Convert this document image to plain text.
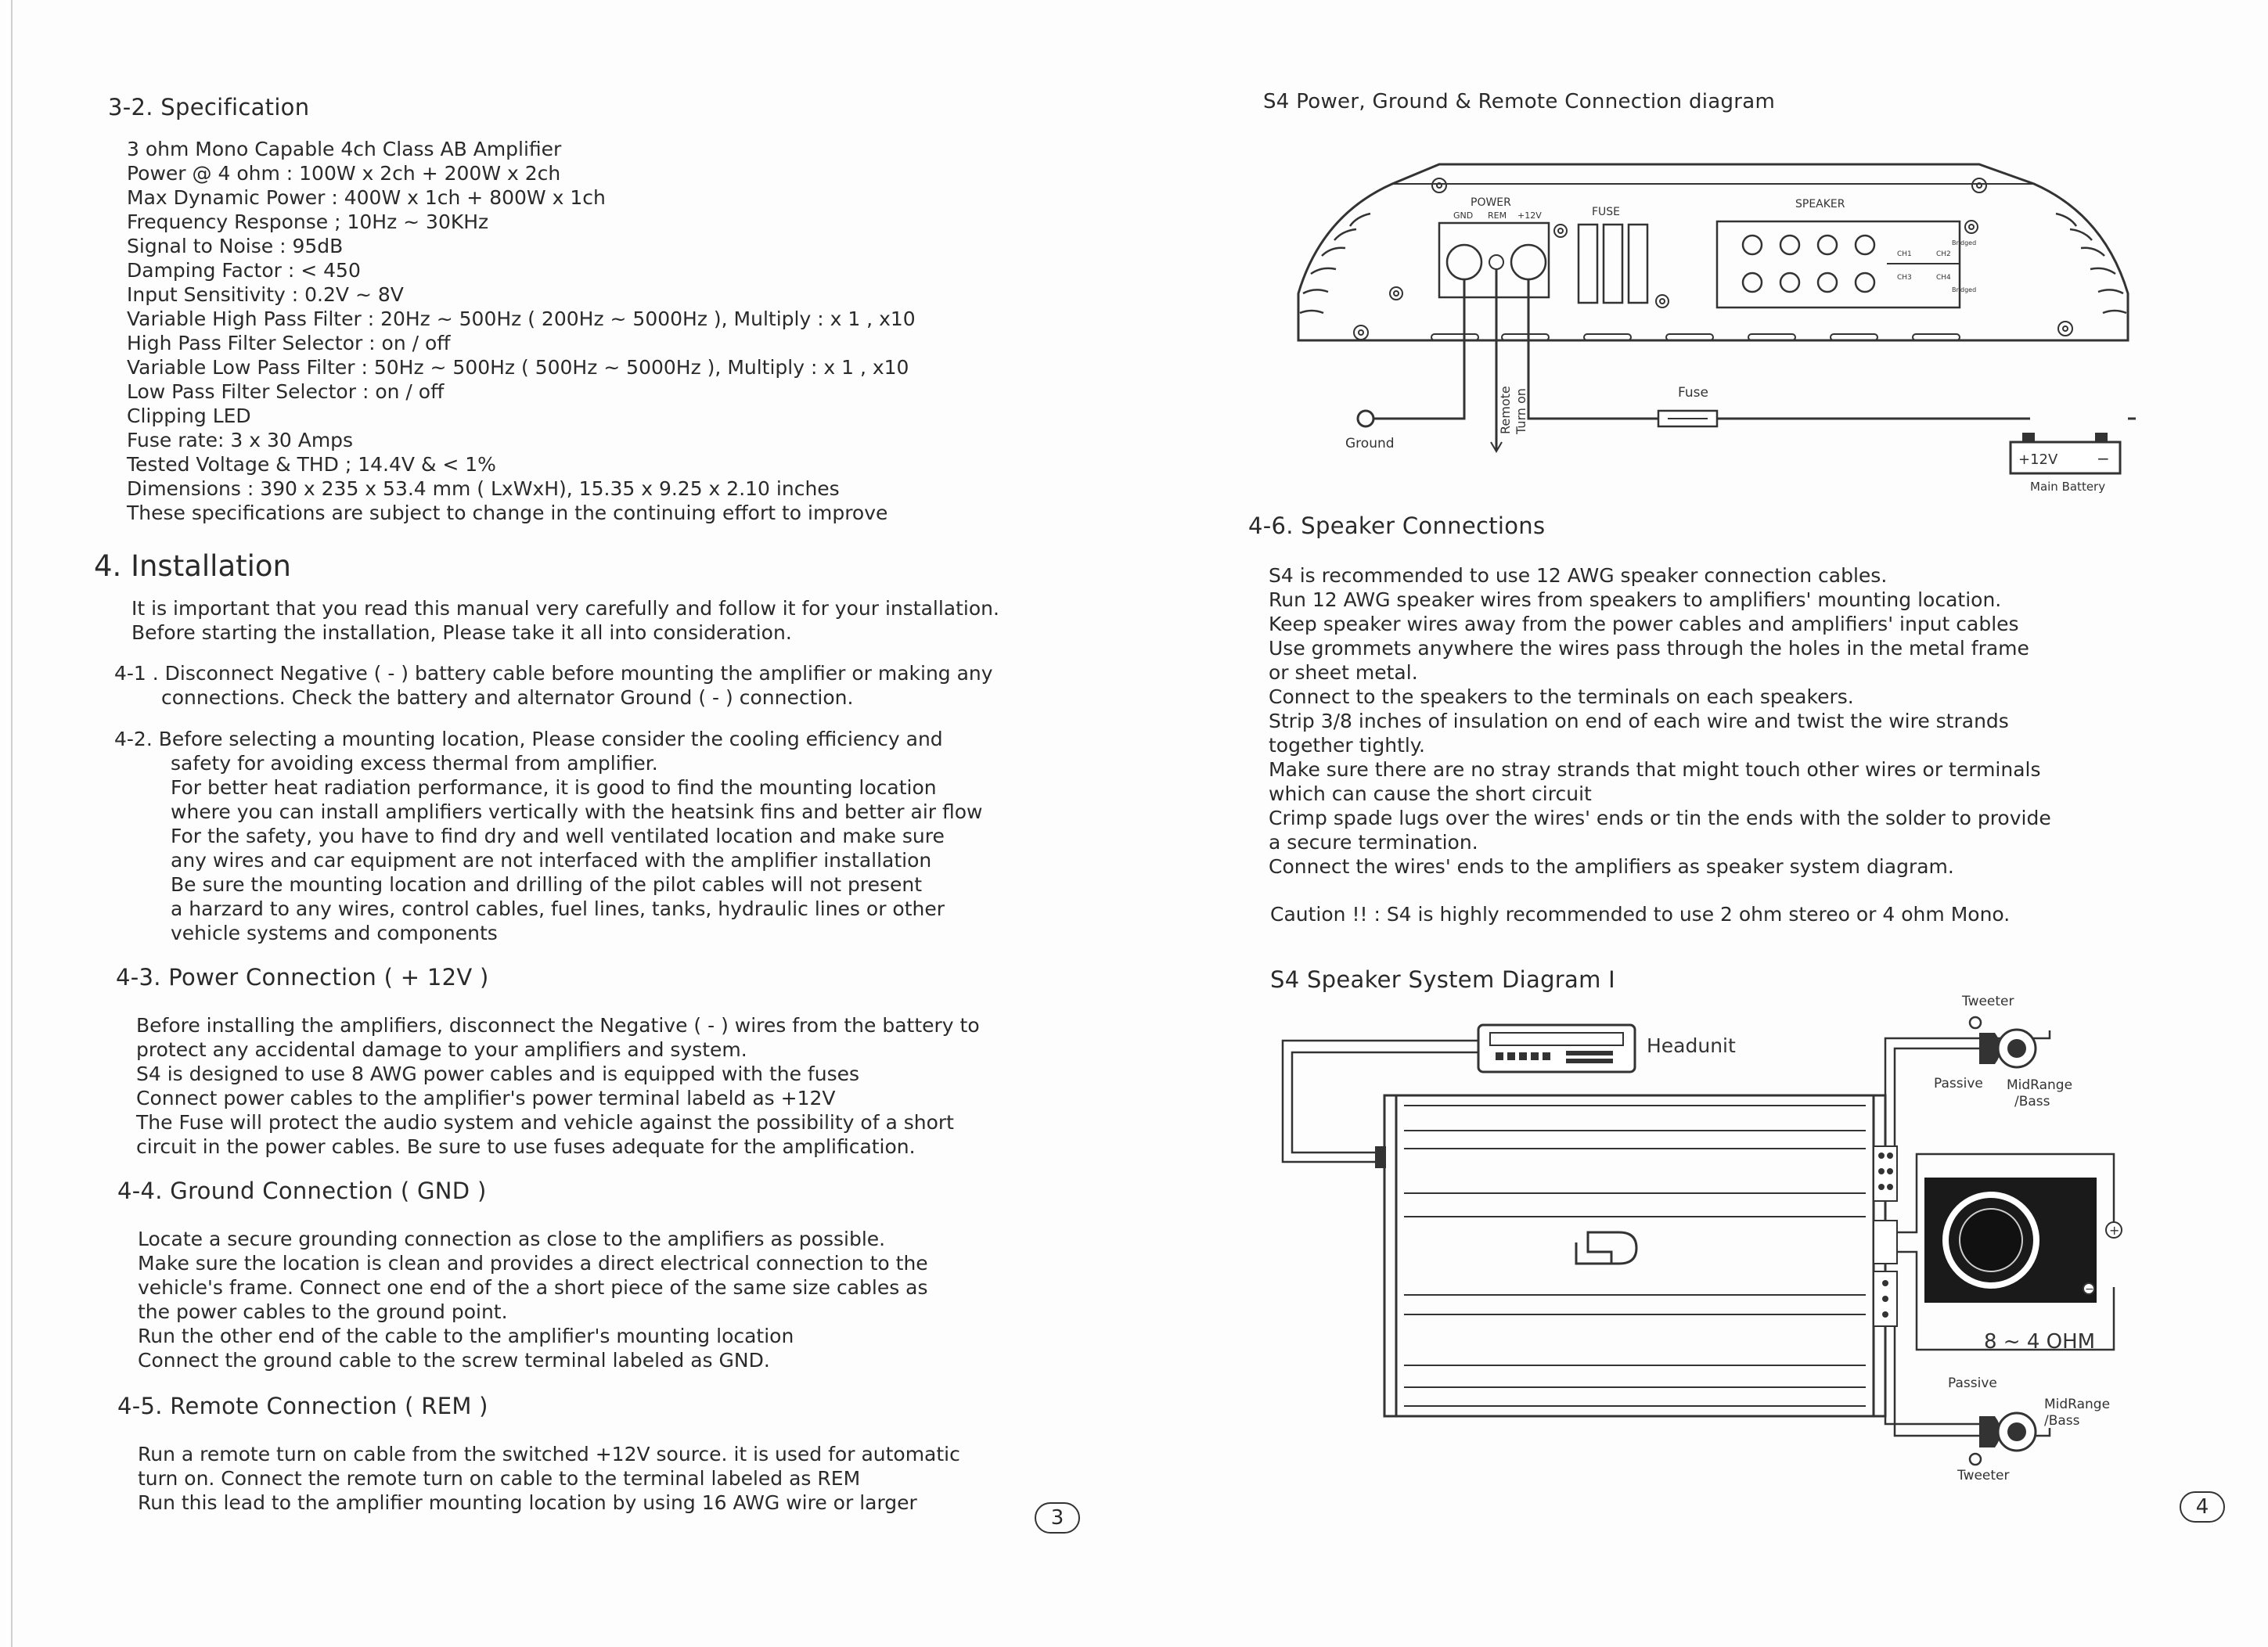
3-2. Specification
3 ohm Mono Capable 4ch Class AB Amplifier
Power @ 4 ohm : 100W x 2ch + 200W x 2ch
Max Dynamic Power : 400W x 1ch + 800W x 1ch
Frequency Response ; 10Hz ~ 30KHz
Signal to Noise : 95dB
Damping Factor : < 450
Input Sensitivity : 0.2V ~ 8V
Variable High Pass Filter : 20Hz ~ 500Hz ( 200Hz ~ 5000Hz ), Multiply : x 1 , x10
High Pass Filter Selector : on / off
Variable Low Pass Filter : 50Hz ~ 500Hz ( 500Hz ~ 5000Hz ), Multiply : x 1 , x10
Low Pass Filter Selector : on / off
Clipping LED
Fuse rate: 3 x 30 Amps
Tested Voltage & THD ; 14.4V & < 1%
Dimensions : 390 x 235 x 53.4 mm ( LxWxH), 15.35 x 9.25 x 2.10 inches
These specifications are subject to change in the continuing effort to improve
4. Installation
It is important that you read this manual very carefully and follow it for your installation.
Before starting the installation, Please take it all into consideration.
4-1 . Disconnect Negative ( - ) battery cable before mounting the amplifier or making any
connections. Check the battery and alternator Ground ( - ) connection.
4-2. Before selecting a mounting location, Please consider the cooling efficiency and
safety for avoiding excess thermal from amplifier.
For better heat radiation performance, it is good to find the mounting location
where you can install amplifiers vertically with the heatsink fins and better air flow
For the safety, you have to find dry and well ventilated location and make sure
any wires and car equipment are not interfaced with the amplifier installation
Be sure the mounting location and drilling of the pilot cables will not present
a harzard to any wires, control cables, fuel lines, tanks, hydraulic lines or other
vehicle systems and components
4-3. Power Connection ( + 12V )
Before installing the amplifiers, disconnect the Negative ( - ) wires from the battery to
protect any accidental damage to your amplifiers and system.
S4 is designed to use 8 AWG power cables and is equipped with the fuses
Connect power cables to the amplifier's power terminal labeld as +12V
The Fuse will protect the audio system and vehicle against the possibility of a short
circuit in the power cables. Be sure to use fuses adequate for the amplification.
4-4. Ground Connection ( GND )
Locate a secure grounding connection as close to the amplifiers as possible.
Make sure the location is clean and provides a direct electrical connection to the
vehicle's frame. Connect one end of the a short piece of the same size cables as
the power cables to the ground point.
Run the other end of the cable to the amplifier's mounting location
Connect the ground cable to the screw terminal labeled as GND.
4-5. Remote Connection ( REM )
Run a remote turn on cable from the switched +12V source. it is used for automatic
turn on. Connect the remote turn on cable to the terminal labeled as REM
Run this lead to the amplifier mounting location by using 16 AWG wire or larger
3
S4 Power, Ground & Remote Connection diagram
POWER
GND REM +12V	FUSE
SPEAKER
Bridged
CH1	CH2
CH3	CH4
Bridged
Ground
Remote Turn on	Fuse
+12V −
Main Battery
4-6. Speaker Connections
S4 is recommended to use 12 AWG speaker connection cables.
Run 12 AWG speaker wires from speakers to amplifiers' mounting location.
Keep speaker wires away from the power cables and amplifiers' input cables
Use grommets anywhere the wires pass through the holes in the metal frame
or sheet metal.
Connect to the speakers to the terminals on each speakers.
Strip 3/8 inches of insulation on end of each wire and twist the wire strands
together tightly.
Make sure there are no stray strands that might touch other wires or terminals
which can cause the short circuit
Crimp spade lugs over the wires' ends or tin the ends with the solder to provide
a secure termination.
Connect the wires' ends to the amplifiers as speaker system diagram.
Caution !! : S4 is highly recommended to use 2 ohm stereo or 4 ohm Mono.
S4 Speaker System Diagram I
Headunit
Tweeter
Passive MidRange
/Bass
+
−
8 ~ 4 OHM
Passive
MidRange
/Bass
Tweeter
4
